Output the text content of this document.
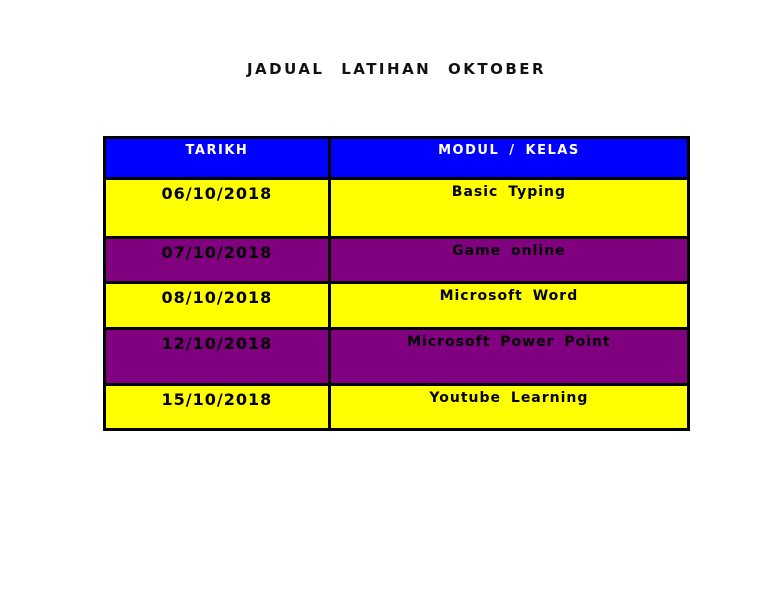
JADUAL LATIHAN OKTOBER
TARIKH	MODUL / KELAS
06/10/2018	Basic Typing
07/10/2018	Game online
08/10/2018	Microsoft Word
12/10/2018	Microsoft Power Point
15/10/2018	Youtube Learning
